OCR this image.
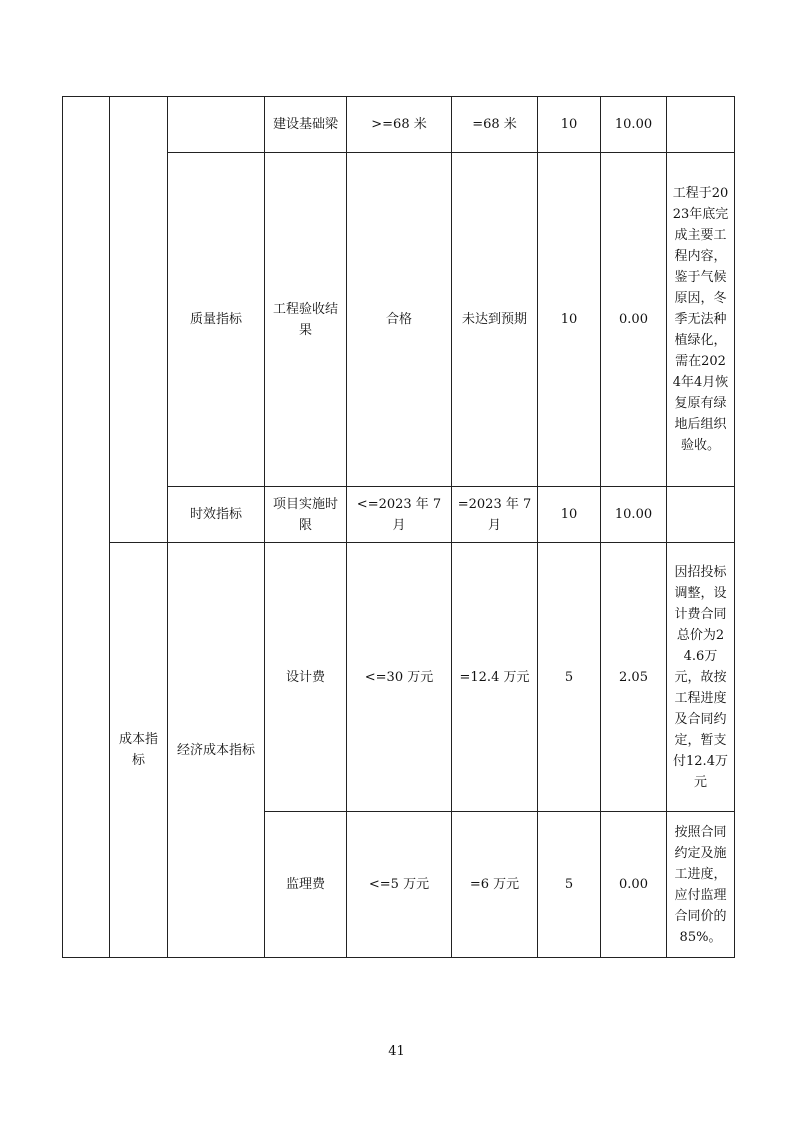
			建设基础梁	>=68 米	=68 米	10	10.00	
		质量指标	工程验收结果	合格	未达到预期	10	0.00	工程于2023年底完成主要工程内容，鉴于气候原因，冬季无法种植绿化，需在2024年4月恢复原有绿地后组织验收。
		时效指标	项目实施时限	<=2023 年 7 月	=2023 年 7 月	10	10.00	
	成本指标	经济成本指标	设计费	<=30 万元	=12.4 万元	5	2.05	因招投标调整，设计费合同总价为24.6万元，故按工程进度及合同约定，暂支付12.4万元
			监理费	<=5 万元	=6 万元	5	0.00	按照合同约定及施工进度，应付监理合同价的85%。
41
